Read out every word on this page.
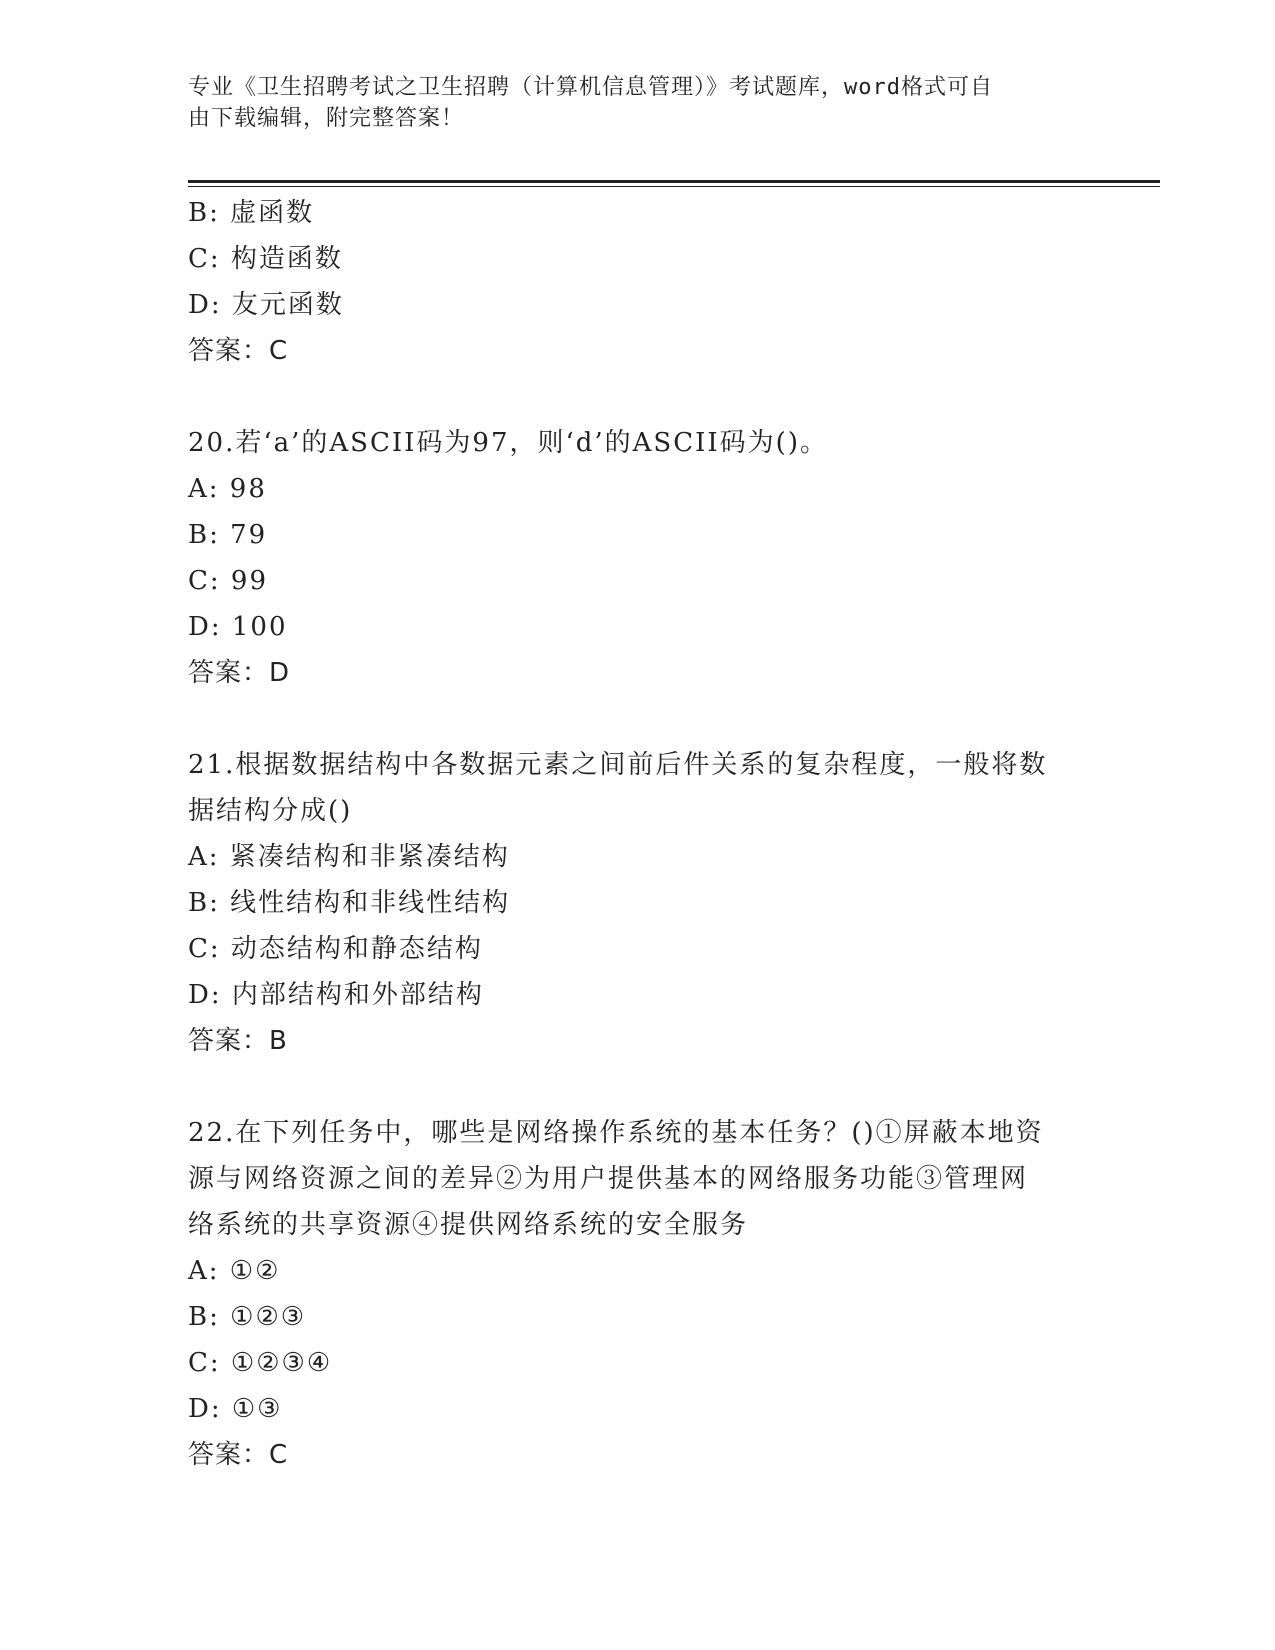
专业《卫生招聘考试之卫生招聘（计算机信息管理）》考试题库，word格式可自
由下载编辑，附完整答案！
B: 虚函数
C: 构造函数
D: 友元函数
答案：C
20.若‘a’的ASCII码为97，则‘d’的ASCII码为()。
A: 98
B: 79
C: 99
D: 100
答案：D
21.根据数据结构中各数据元素之间前后件关系的复杂程度，一般将数
据结构分成()
A: 紧凑结构和非紧凑结构
B: 线性结构和非线性结构
C: 动态结构和静态结构
D: 内部结构和外部结构
答案：B
22.在下列任务中，哪些是网络操作系统的基本任务？()①屏蔽本地资
源与网络资源之间的差异②为用户提供基本的网络服务功能③管理网
络系统的共享资源④提供网络系统的安全服务
A: ①②
B: ①②③
C: ①②③④
D: ①③
答案：C
